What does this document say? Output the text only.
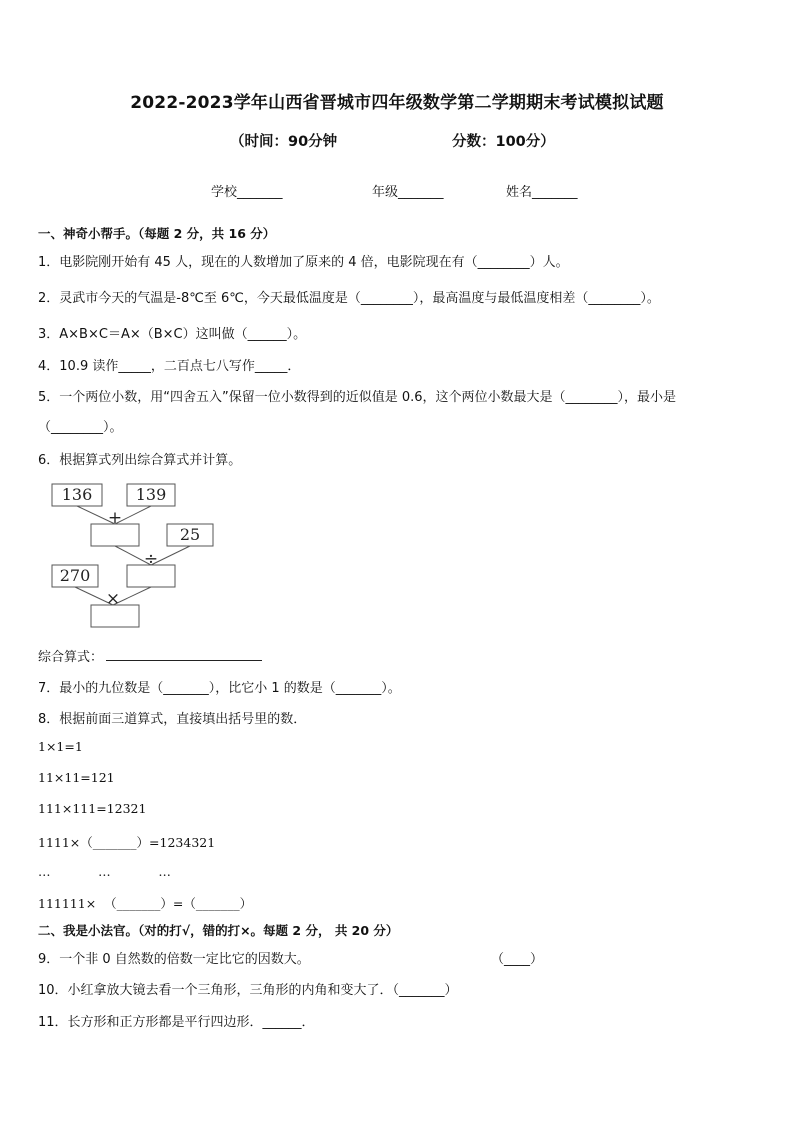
2022-2023学年山西省晋城市四年级数学第二学期期末考试模拟试题
（时间：90分钟	分数：100分）
学校_______	年级_______	姓名_______
一、神奇小帮手。（每题 2 分，共 16 分）
1．电影院刚开始有 45 人，现在的人数增加了原来的 4 倍，电影院现在有（________）人。
2．灵武市今天的气温是-8℃至 6℃，今天最低温度是（________），最高温度与最低温度相差（________）。
3．A×B×C＝A×（B×C）这叫做（______）。
4．10.9 读作_____，二百点七八写作_____．
5．一个两位小数，用“四舍五入”保留一位小数得到的近似值是 0.6，这个两位小数最大是（________），最小是
（________）。
6．根据算式列出综合算式并计算。
136	139
25
270
+
÷
×
综合算式：
7．最小的九位数是（_______），比它小 1 的数是（_______）。
8．根据前面三道算式，直接填出括号里的数．
1×1=1
11×11=121
111×111=12321
1111×（_______）=1234321
…            …            …
111111×  （_______）=（_______）
二、我是小法官。（对的打√，错的打×。每题 2 分， 共 20 分）
9．一个非 0 自然数的倍数一定比它的因数大。	（____）
10．小红拿放大镜去看一个三角形，三角形的内角和变大了．（_______）
11．长方形和正方形都是平行四边形．______．
